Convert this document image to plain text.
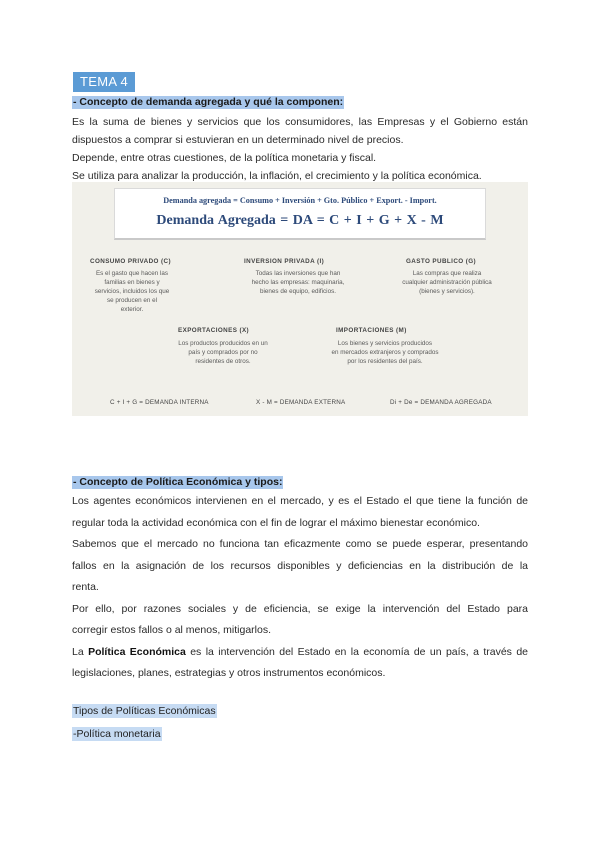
TEMA 4
- Concepto de demanda agregada y qué la componen:
Es la suma de bienes y servicios que los consumidores, las Empresas y el Gobierno están
dispuestos a comprar si estuvieran en un determinado nivel de precios.
Depende, entre otras cuestiones, de la política monetaria y fiscal.
Se utiliza para analizar la producción, la inflación, el crecimiento y la política económica.
Demanda agregada = Consumo + Inversión + Gto. Público + Export. - Import.
Demanda Agregada = DA = C + I + G + X - M
CONSUMO PRIVADO (C)
Es el gasto que hacen las
familias en bienes y
servicios, incluidos los que
se producen en el
exterior.
INVERSION PRIVADA (I)
Todas las inversiones que han
hecho las empresas: maquinaria,
bienes de equipo, edificios.
GASTO PUBLICO (G)
Las compras que realiza
cualquier administración pública
(bienes y servicios).
EXPORTACIONES (X)
Los productos producidos en un
país y comprados por no
residentes de otros.
IMPORTACIONES (M)
Los bienes y servicios producidos
en mercados extranjeros y comprados
por los residentes del país.
C + I + G = DEMANDA INTERNA	X - M = DEMANDA EXTERNA	Di + De = DEMANDA AGREGADA
- Concepto de Política Económica y tipos:
Los agentes económicos intervienen en el mercado, y es el Estado el que tiene la función de
regular toda la actividad económica con el fin de lograr el máximo bienestar económico.
Sabemos que el mercado no funciona tan eficazmente como se puede esperar, presentando
fallos en la asignación de los recursos disponibles y deficiencias en la distribución de la
renta.
Por ello, por razones sociales y de eficiencia, se exige la intervención del Estado para
corregir estos fallos o al menos, mitigarlos.
La Política Económica es la intervención del Estado en la economía de un país, a través de
legislaciones, planes, estrategias y otros instrumentos económicos.
Tipos de Políticas Económicas
-Política monetaria
